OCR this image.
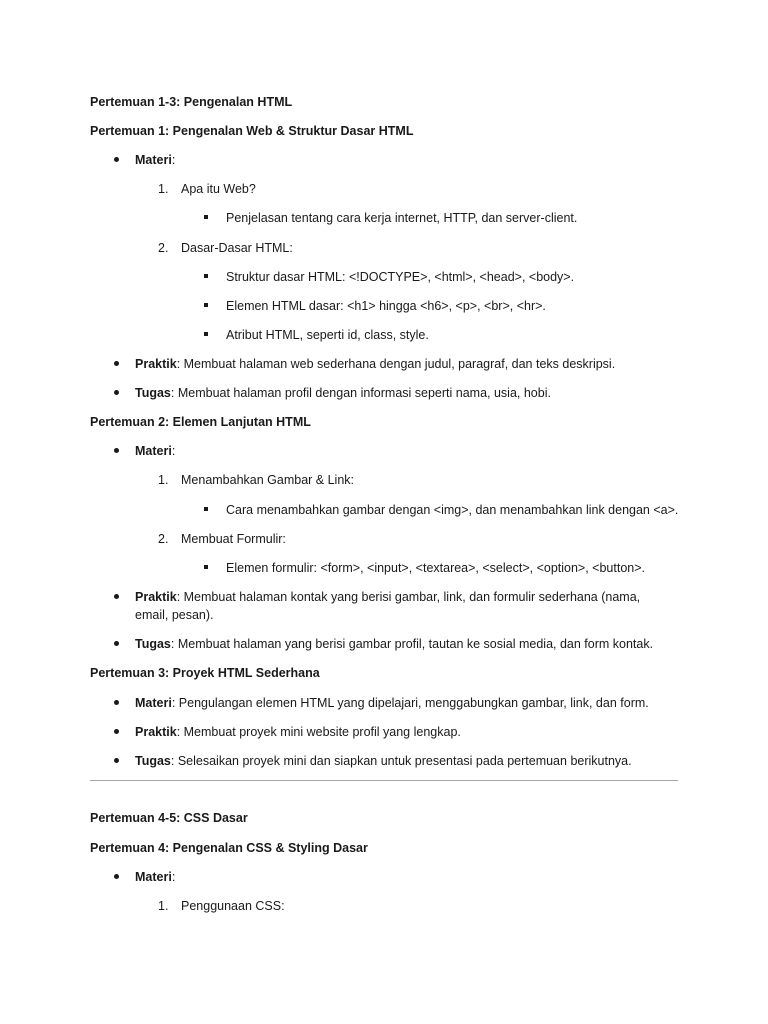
Pertemuan 1-3: Pengenalan HTML
Pertemuan 1: Pengenalan Web & Struktur Dasar HTML
Materi:
1. Apa itu Web?
Penjelasan tentang cara kerja internet, HTTP, dan server-client.
2. Dasar-Dasar HTML:
Struktur dasar HTML: <!DOCTYPE>, <html>, <head>, <body>.
Elemen HTML dasar: <h1> hingga <h6>, <p>, <br>, <hr>.
Atribut HTML, seperti id, class, style.
Praktik: Membuat halaman web sederhana dengan judul, paragraf, dan teks deskripsi.
Tugas: Membuat halaman profil dengan informasi seperti nama, usia, hobi.
Pertemuan 2: Elemen Lanjutan HTML
Materi:
1. Menambahkan Gambar & Link:
Cara menambahkan gambar dengan <img>, dan menambahkan link dengan <a>.
2. Membuat Formulir:
Elemen formulir: <form>, <input>, <textarea>, <select>, <option>, <button>.
Praktik: Membuat halaman kontak yang berisi gambar, link, dan formulir sederhana (nama,
email, pesan).
Tugas: Membuat halaman yang berisi gambar profil, tautan ke sosial media, dan form kontak.
Pertemuan 3: Proyek HTML Sederhana
Materi: Pengulangan elemen HTML yang dipelajari, menggabungkan gambar, link, dan form.
Praktik: Membuat proyek mini website profil yang lengkap.
Tugas: Selesaikan proyek mini dan siapkan untuk presentasi pada pertemuan berikutnya.
Pertemuan 4-5: CSS Dasar
Pertemuan 4: Pengenalan CSS & Styling Dasar
Materi:
1. Penggunaan CSS:
